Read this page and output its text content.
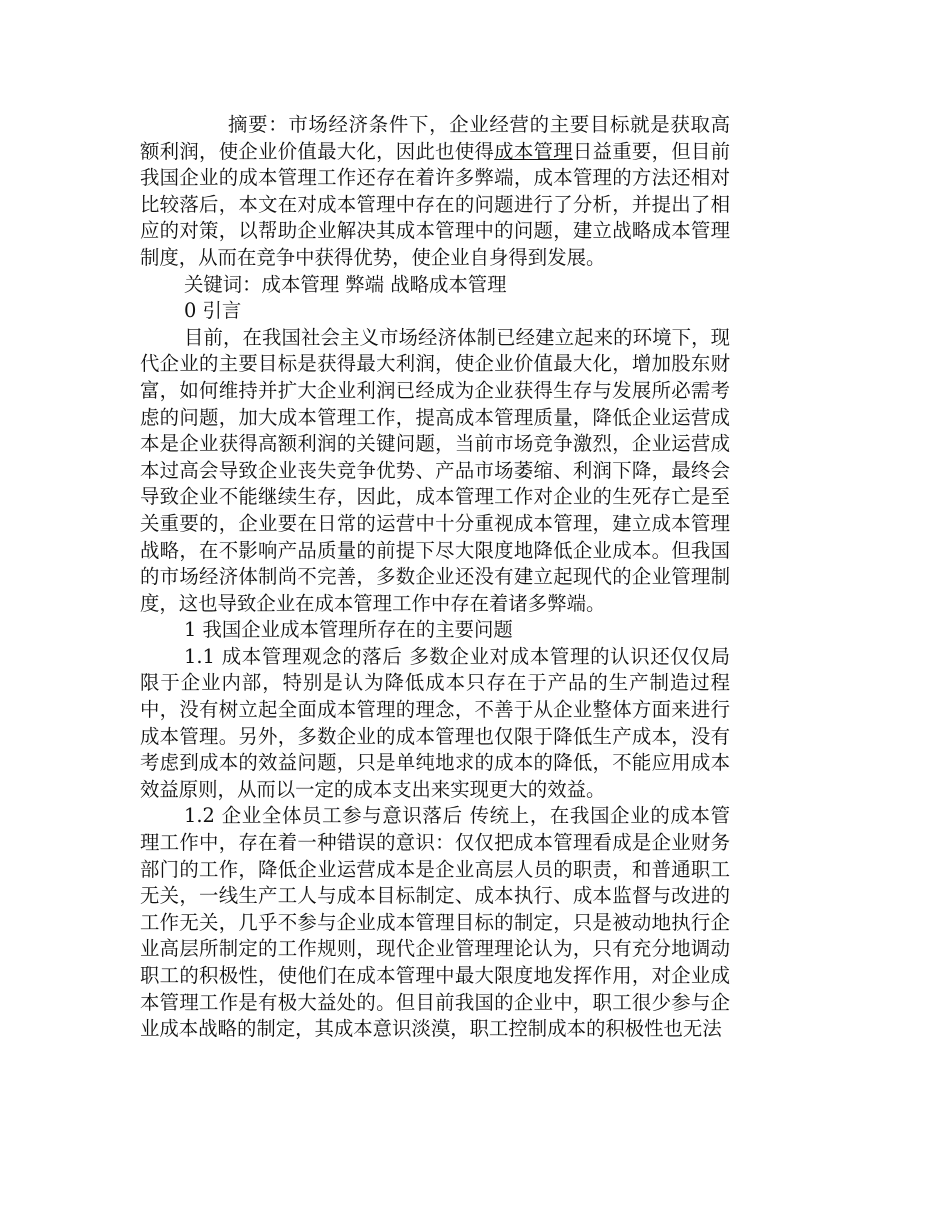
摘要：市场经济条件下，企业经营的主要目标就是获取高额利润，使企业价值最大化，因此也使得成本管理日益重要，但目前我国企业的成本管理工作还存在着许多弊端，成本管理的方法还相对比较落后，本文在对成本管理中存在的问题进行了分析，并提出了相应的对策，以帮助企业解决其成本管理中的问题，建立战略成本管理制度，从而在竞争中获得优势，使企业自身得到发展。

关键词：成本管理 弊端 战略成本管理

0 引言

目前，在我国社会主义市场经济体制已经建立起来的环境下，现代企业的主要目标是获得最大利润，使企业价值最大化，增加股东财富，如何维持并扩大企业利润已经成为企业获得生存与发展所必需考虑的问题，加大成本管理工作，提高成本管理质量，降低企业运营成本是企业获得高额利润的关键问题，当前市场竞争激烈，企业运营成本过高会导致企业丧失竞争优势、产品市场萎缩、利润下降，最终会导致企业不能继续生存，因此，成本管理工作对企业的生死存亡是至关重要的，企业要在日常的运营中十分重视成本管理，建立成本管理战略，在不影响产品质量的前提下尽大限度地降低企业成本。但我国的市场经济体制尚不完善，多数企业还没有建立起现代的企业管理制度，这也导致企业在成本管理工作中存在着诸多弊端。

1 我国企业成本管理所存在的主要问题

1.1 成本管理观念的落后 多数企业对成本管理的认识还仅仅局限于企业内部，特别是认为降低成本只存在于产品的生产制造过程中，没有树立起全面成本管理的理念，不善于从企业整体方面来进行成本管理。另外，多数企业的成本管理也仅限于降低生产成本，没有考虑到成本的效益问题，只是单纯地求的成本的降低，不能应用成本效益原则，从而以一定的成本支出来实现更大的效益。

1.2 企业全体员工参与意识落后 传统上，在我国企业的成本管理工作中，存在着一种错误的意识：仅仅把成本管理看成是企业财务部门的工作，降低企业运营成本是企业高层人员的职责，和普通职工无关，一线生产工人与成本目标制定、成本执行、成本监督与改进的工作无关，几乎不参与企业成本管理目标的制定，只是被动地执行企业高层所制定的工作规则，现代企业管理理论认为，只有充分地调动职工的积极性，使他们在成本管理中最大限度地发挥作用，对企业成本管理工作是有极大益处的。但目前我国的企业中，职工很少参与企业成本战略的制定，其成本意识淡漠，职工控制成本的积极性也无法
